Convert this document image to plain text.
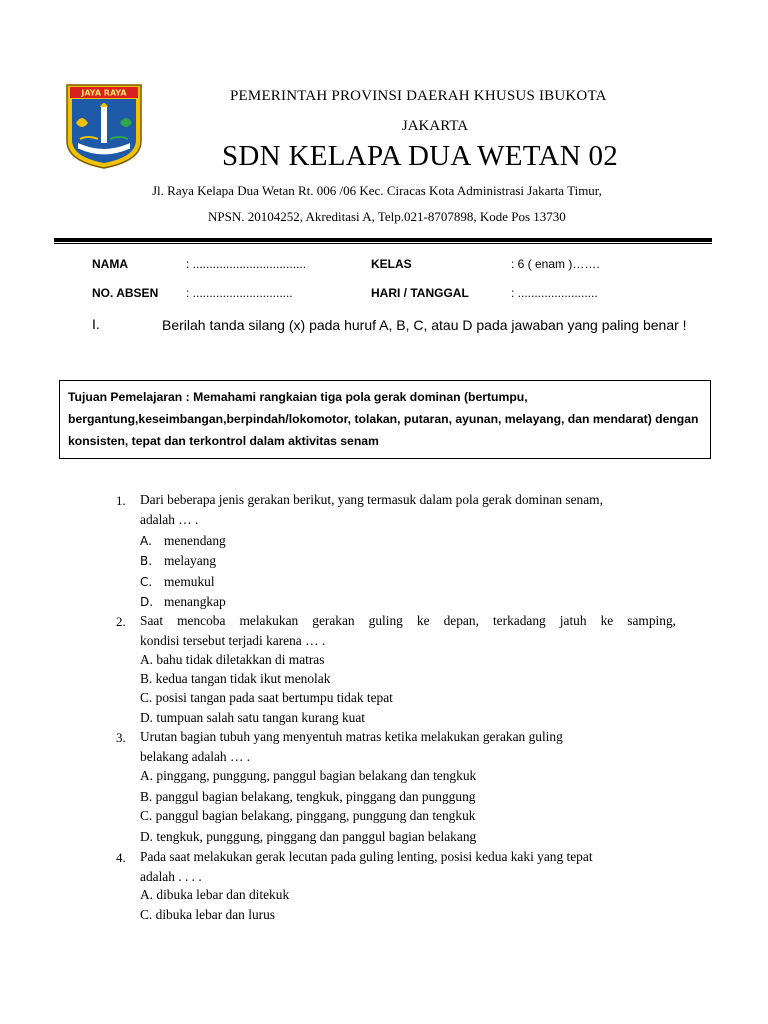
JAYA RAYA	PEMERINTAH PROVINSI DAERAH KHUSUS IBUKOTA
JAKARTA
SDN KELAPA DUA WETAN 02
Jl. Raya Kelapa Dua Wetan Rt. 006 /06 Kec. Ciracas Kota Administrasi Jakarta Timur,
NPSN. 20104252, Akreditasi A, Telp.021-8707898, Kode Pos 13730
NAMA	: ..................................	KELAS	: 6 ( enam )…….
NO. ABSEN : ..............................	HARI / TANGGAL	: ........................
I.	Berilah tanda silang (x) pada huruf A, B, C, atau D pada jawaban yang paling benar !
Tujuan Pemelajaran : Memahami rangkaian tiga pola gerak dominan (bertumpu, bergantung,keseimbangan,berpindah/lokomotor, tolakan, putaran, ayunan, melayang, dan mendarat) dengan konsisten, tepat dan terkontrol dalam aktivitas senam
1. Dari beberapa jenis gerakan berikut, yang termasuk dalam pola gerak dominan senam,
adalah … .
A. menendang
B. melayang
C. memukul
D. menangkap
2. Saat mencoba melakukan gerakan guling ke depan, terkadang jatuh ke samping,
kondisi tersebut terjadi karena … .
A. bahu tidak diletakkan di matras
B. kedua tangan tidak ikut menolak
C. posisi tangan pada saat bertumpu tidak tepat
D. tumpuan salah satu tangan kurang kuat
3. Urutan bagian tubuh yang menyentuh matras ketika melakukan gerakan guling
belakang adalah … .
A. pinggang, punggung, panggul bagian belakang dan tengkuk
B. panggul bagian belakang, tengkuk, pinggang dan punggung
C. panggul bagian belakang, pinggang, punggung dan tengkuk
D. tengkuk, punggung, pinggang dan panggul bagian belakang
4. Pada saat melakukan gerak lecutan pada guling lenting, posisi kedua kaki yang tepat
adalah . . . .
A. dibuka lebar dan ditekuk
C. dibuka lebar dan lurus
